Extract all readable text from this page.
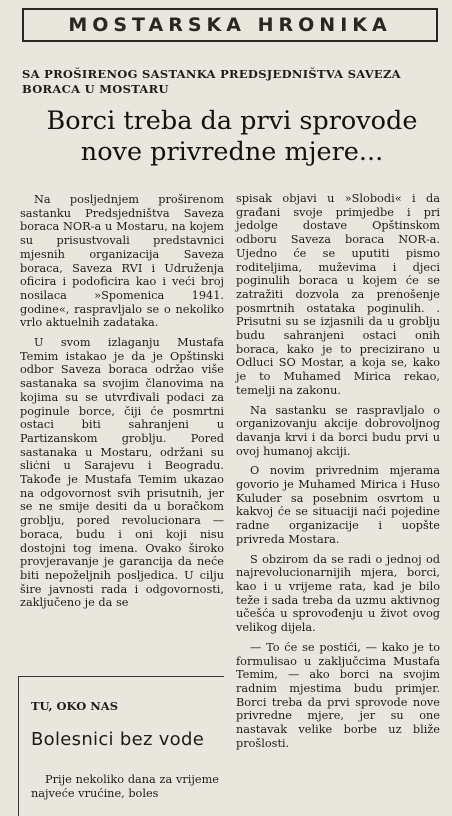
MOSTARSKA HRONIKA
SA PROŠIRENOG SASTANKA PREDSJEDNIŠTVA SAVEZA BORACA U MOSTARU
Borci treba da prvi sprovode nove privredne mjere...

Na posljednjem proširenom sastanku Predsjedništva Saveza boraca NOR-a u Mostaru, na kojem su prisustvovali predstavnici mjesnih organizacija Saveza boraca, Saveza RVI i Udruženja oficira i podoficira kao i veći broj nosilaca »Spomenica 1941. godine«, raspravljalo se o nekoliko vrlo aktuelnih zadataka.

U svom izlaganju Mustafa Temim istakao je da je Opštinski odbor Saveza boraca održao više sastanaka sa svojim članovima na kojima su se utvrđivali podaci za poginule borce, čiji će posmrtni ostaci biti sahranjeni u Partizanskom groblju. Pored sastanaka u Mostaru, održani su sliċni u Sarajevu i Beogradu. Takođe je Mustafa Temim ukazao na odgovornost svih prisutnih, jer se ne smije desiti da u boračkom groblju, pored revolucionara — boraca, budu i oni koji nisu dostojni tog imena. Ovako široko provjeravanje je garancija da neće biti nepoželjnih posljedica. U cilju šire javnosti rada i odgovornosti, zaključeno je da se

spisak objavi u »Slobodi« i da građani svoje primjedbe i pri jedolge dostave Opštinskom odboru Saveza boraca NOR-a. Ujedno će se uputiti pismo roditeljima, muževima i djeci poginulih boraca u kojem će se zatražiti dozvola za prenošenje posmrtnih ostataka poginulih. . Prisutni su se izjasnili da u groblju budu sahranjeni ostaci onih boraca, kako je to precizirano u Odluci SO Mostar, a koja se, kako je to Muhamed Mirica rekao, temelji na zakonu.

Na sastanku se raspravljalo o organizovanju akcije dobrovoljnog davanja krvi i da borci budu prvi u ovoj humanoj akciji.

O novim privrednim mjerama govorio je Muhamed Mirica i Huso Kuluder sa posebnim osvrtom u kakvoj će se situaciji naći pojedine radne organizacije i uopšte privreda Mostara.

S obzirom da se radi o jednoj od najrevolucionarnijih mjera, borci, kao i u vrijeme rata, kad je bilo teže i sada treba da uzmu aktivnog učešća u sprovođenju u život ovog velikog dijela.

— To će se postići, — kako je to formulisao u zaključcima Mustafa Temim, — ako borci na svojim radnim mjestima budu primjer. Borci treba da prvi sprovode nove privredne mjere, jer su one nastavak velike borbe uz bliže prošlosti.

TU, OKO NAS
Bolesnici bez vode
Prije nekoliko dana za vrijeme najveće vrućine, boles
